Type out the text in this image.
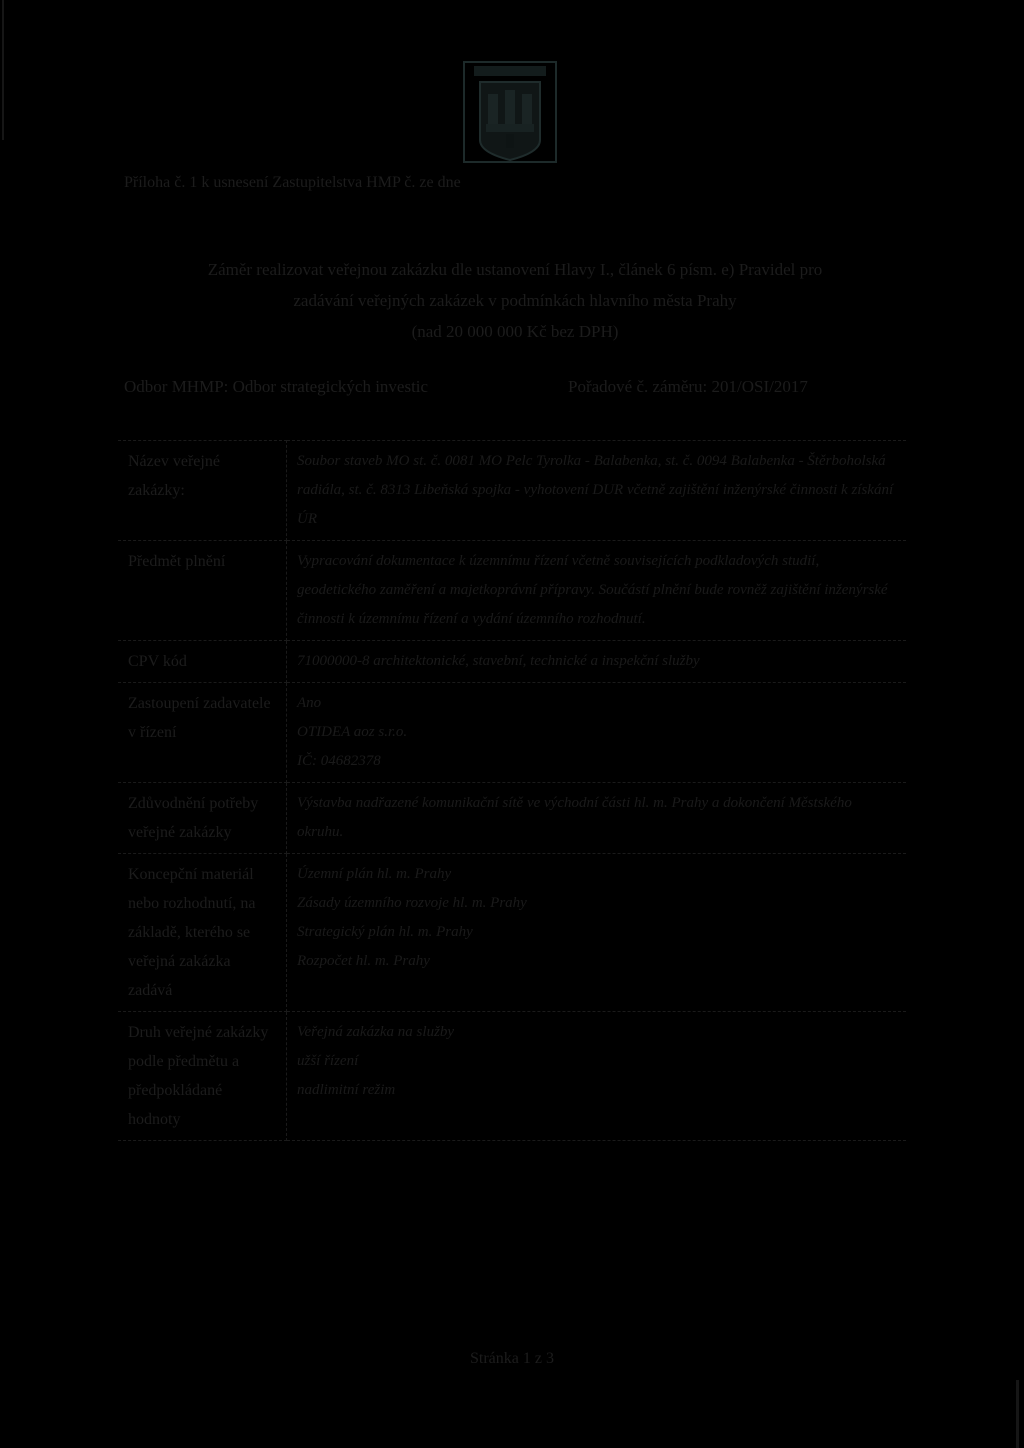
Příloha č. 1 k usnesení Zastupitelstva HMP č. ze dne
Záměr realizovat veřejnou zakázku dle ustanovení Hlavy I., článek 6 písm. e) Pravidel pro
zadávání veřejných zakázek v podmínkách hlavního města Prahy
(nad 20 000 000 Kč bez DPH)
Odbor MHMP: Odbor strategických investic	Pořadové č. záměru: 201/OSI/2017
Název veřejné zakázky:	Soubor staveb MO st. č. 0081 MO Pelc Tyrolka - Balabenka, st. č. 0094 Balabenka - Štěrboholská radiála, st. č. 8313 Libeňská spojka - vyhotovení DUR včetně zajištění inženýrské činnosti k získání ÚR

Předmět plnění	Vypracování dokumentace k územnímu řízení včetně souvisejících podkladových studií, geodetického zaměření a majetkoprávní přípravy. Součástí plnění bude rovněž zajištění inženýrské činnosti k územnímu řízení a vydání územního rozhodnutí.

CPV kód	71000000-8 architektonické, stavební, technické a inspekční služby

Zastoupení zadavatele v řízení	Ano

OTIDEA aoz s.r.o.

IČ: 04682378

Zdůvodnění potřeby veřejné zakázky	Výstavba nadřazené komunikační sítě ve východní části hl. m. Prahy a dokončení Městského okruhu.

Koncepční materiál nebo rozhodnutí, na základě, kterého se veřejná zakázka zadává	Územní plán hl. m. Prahy

Zásady územního rozvoje hl. m. Prahy

Strategický plán hl. m. Prahy

Rozpočet hl. m. Prahy

Druh veřejné zakázky podle předmětu a předpokládané hodnoty	Veřejná zakázka na služby

užší řízení

nadlimitní režim

Stránka 1 z 3
